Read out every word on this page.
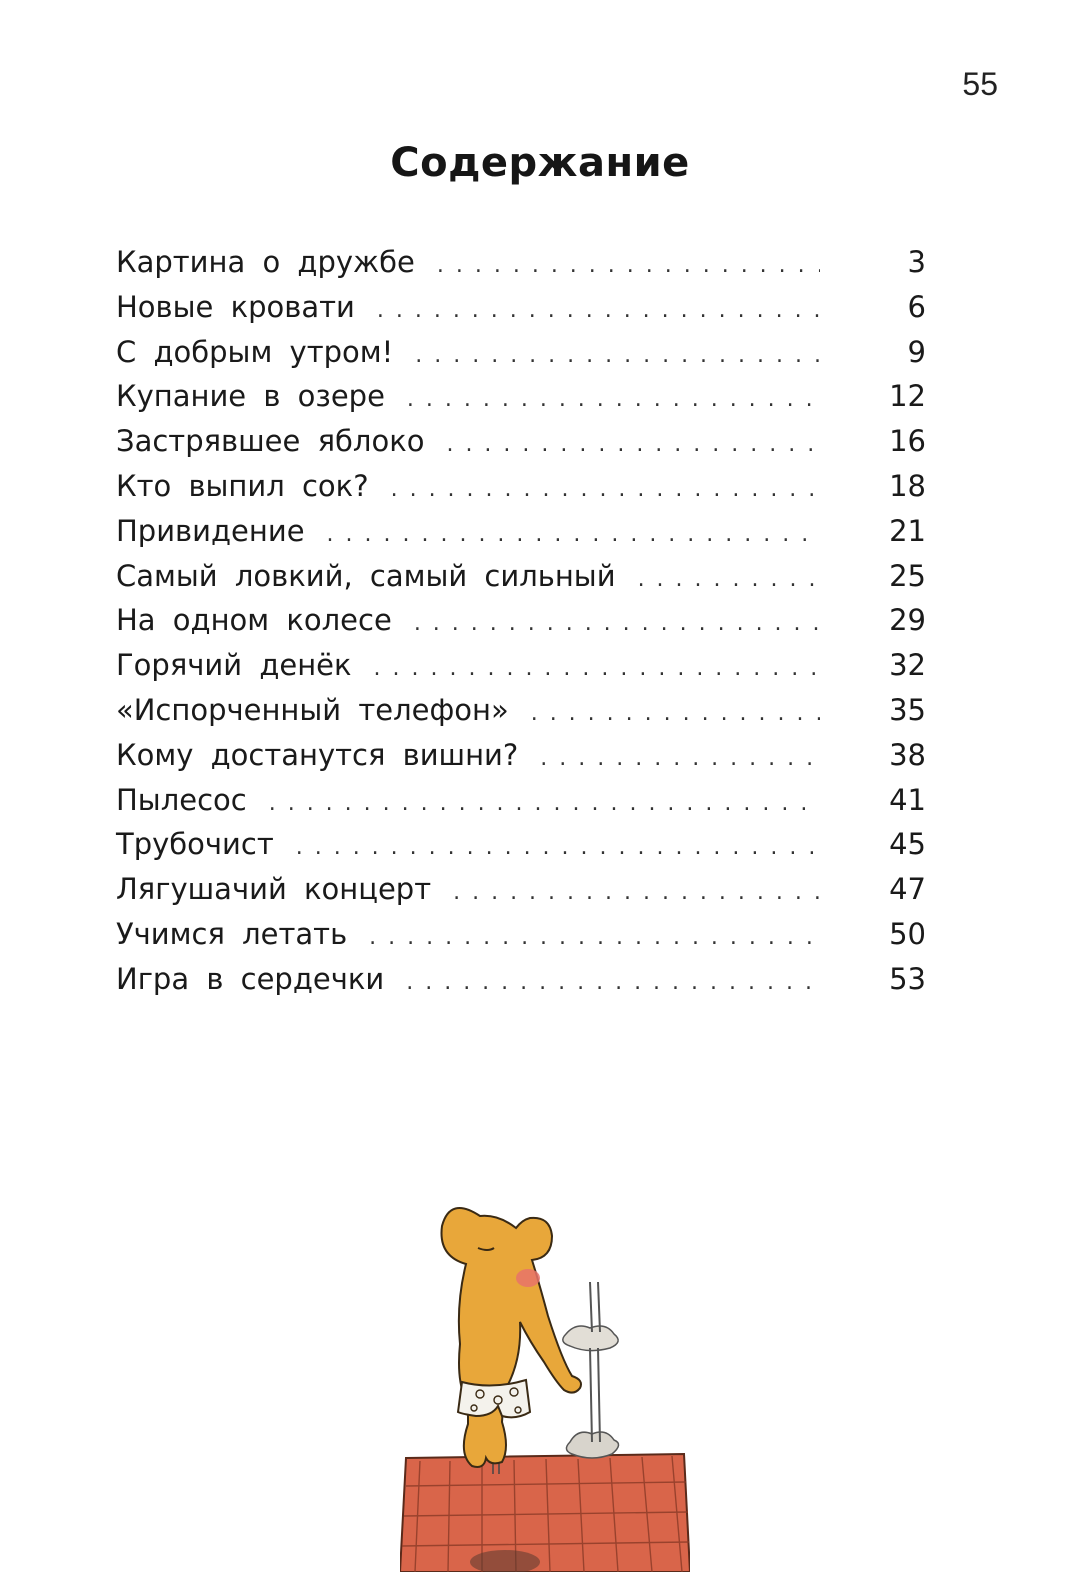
55
Содержание
Картина о дружбе . . .	3
Новые кровати . . .	6
С добрым утром! . . .	9
Купание в озере . . .	12
Застрявшее яблоко . . .	16
Кто выпил сок? . . .	18
Привидение . . .	21
Самый ловкий, самый сильный . . .	25
На одном колесе . . .	29
Горячий денёк . . .	32
«Испорченный телефон» . . .	35
Кому достанутся вишни? . . .	38
Пылесос . . .	41
Трубочист . . .	45
Лягушачий концерт . . .	47
Учимся летать . . .	50
Игра в сердечки . . .	53
